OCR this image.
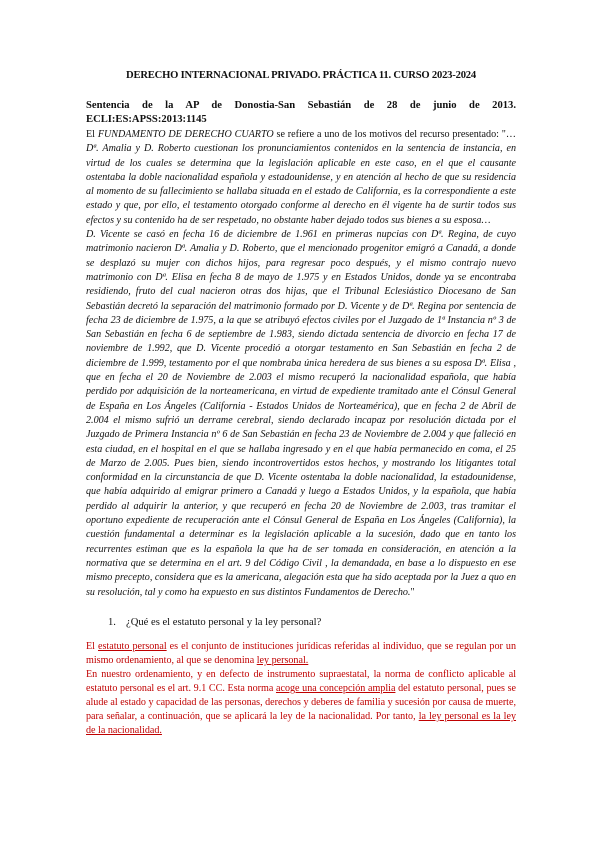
DERECHO INTERNACIONAL PRIVADO. PRÁCTICA 11. CURSO 2023-2024
Sentencia de la AP de Donostia-San Sebastián de 28 de junio de 2013. ECLI:ES:APSS:2013:1145

El FUNDAMENTO DE DERECHO CUARTO se refiere a uno de los motivos del recurso presentado: "…Dª. Amalia y D. Roberto cuestionan los pronunciamientos contenidos en la sentencia de instancia, en virtud de los cuales se determina que la legislación aplicable en este caso, en el que el causante ostentaba la doble nacionalidad española y estadounidense, y en atención al hecho de que su residencia al momento de su fallecimiento se hallaba situada en el estado de California, es la correspondiente a este estado y que, por ello, el testamento otorgado conforme al derecho en él vigente ha de surtir todos sus efectos y su contenido ha de ser respetado, no obstante haber dejado todos sus bienes a su esposa…

D. Vicente se casó en fecha 16 de diciembre de 1.961 en primeras nupcias con Dª. Regina, de cuyo matrimonio nacieron Dª. Amalia y D. Roberto, que el mencionado progenitor emigró a Canadá, a donde se desplazó su mujer con dichos hijos, para regresar poco después, y el mismo contrajo nuevo matrimonio con Dª. Elisa en fecha 8 de mayo de 1.975 y en Estados Unidos, donde ya se encontraba residiendo, fruto del cual nacieron otras dos hijas, que el Tribunal Eclesiástico Diocesano de San Sebastián decretó la separación del matrimonio formado por D. Vicente y de Dª. Regina por sentencia de fecha 23 de diciembre de 1.975, a la que se atribuyó efectos civiles por el Juzgado de 1ª Instancia nº 3 de San Sebastián en fecha 6 de septiembre de 1.983, siendo dictada sentencia de divorcio en fecha 17 de noviembre de 1.992, que D. Vicente procedió a otorgar testamento en San Sebastián en fecha 2 de diciembre de 1.999, testamento por el que nombraba única heredera de sus bienes a su esposa Dª. Elisa , que en fecha el 20 de Noviembre de 2.003 el mismo recuperó la nacionalidad española, que había perdido por adquisición de la norteamericana, en virtud de expediente tramitado ante el Cónsul General de España en Los Ángeles (California - Estados Unidos de Norteamérica), que en fecha 2 de Abril de 2.004 el mismo sufrió un derrame cerebral, siendo declarado incapaz por resolución dictada por el Juzgado de Primera Instancia nº 6 de San Sebastián en fecha 23 de Noviembre de 2.004 y que falleció en esta ciudad, en el hospital en el que se hallaba ingresado y en el que había permanecido en coma, el 25 de Marzo de 2.005. Pues bien, siendo incontrovertidos estos hechos, y mostrando los litigantes total conformidad en la circunstancia de que D. Vicente ostentaba la doble nacionalidad, la estadounidense, que había adquirido al emigrar primero a Canadá y luego a Estados Unidos, y la española, que había perdido al adquirir la anterior, y que recuperó en fecha 20 de Noviembre de 2.003, tras tramitar el oportuno expediente de recuperación ante el Cónsul General de España en Los Ángeles (California), la cuestión fundamental a determinar es la legislación aplicable a la sucesión, dado que en tanto los recurrentes estiman que es la española la que ha de ser tomada en consideración, en atención a la normativa que se determina en el art. 9 del Código Civil , la demandada, en base a lo dispuesto en ese mismo precepto, considera que es la americana, alegación esta que ha sido aceptada por la Juez a quo en su resolución, tal y como ha expuesto en sus distintos Fundamentos de Derecho."

1. ¿Qué es el estatuto personal y la ley personal?

El estatuto personal es el conjunto de instituciones jurídicas referidas al individuo, que se regulan por un mismo ordenamiento, al que se denomina ley personal.

En nuestro ordenamiento, y en defecto de instrumento supraestatal, la norma de conflicto aplicable al estatuto personal es el art. 9.1 CC. Esta norma acoge una concepción amplia del estatuto personal, pues se alude al estado y capacidad de las personas, derechos y deberes de familia y sucesión por causa de muerte, para señalar, a continuación, que se aplicará la ley de la nacionalidad. Por tanto, la ley personal es la ley de la nacionalidad.
